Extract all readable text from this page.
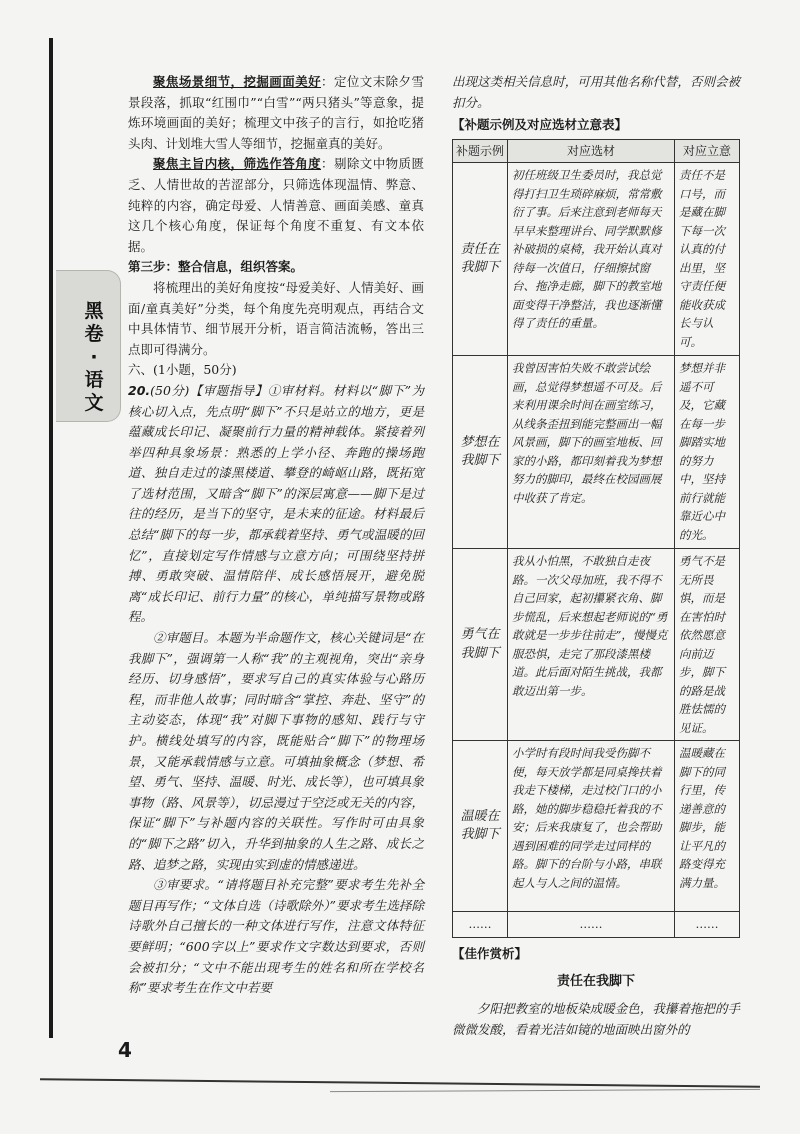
黑卷·语文

聚焦场景细节，挖掘画面美好：定位文末除夕雪景段落，抓取“红围巾”“白雪”“两只猪头”等意象，提炼环境画面的美好；梳理文中孩子的言行，如抢吃猪头肉、计划堆大雪人等细节，挖掘童真的美好。

聚焦主旨内核，筛选作答角度：剔除文中物质匮乏、人情世故的苦涩部分，只筛选体现温情、弊意、纯粹的内容，确定母爱、人情善意、画面美感、童真这几个核心角度，保证每个角度不重复、有文本依据。

第三步：整合信息，组织答案。

将梳理出的美好角度按“母爱美好、人情美好、画面/童真美好”分类，每个角度先亮明观点，再结合文中具体情节、细节展开分析，语言简洁流畅，答出三点即可得满分。

六、(1小题，50分)

20.(50分)【审题指导】①审材料。材料以“脚下”为核心切入点，先点明“脚下”不只是站立的地方，更是蕴藏成长印记、凝聚前行力量的精神载体。紧接着列举四种具象场景：熟悉的上学小径、奔跑的操场跑道、独自走过的漆黑楼道、攀登的崎岖山路，既拓宽了选材范围，又暗含“脚下”的深层寓意——脚下是过往的经历，是当下的坚守，是未来的征途。材料最后总结“脚下的每一步，都承载着坚持、勇气或温暖的回忆”，直接划定写作情感与立意方向；可围绕坚持拼搏、勇敢突破、温情陪伴、成长感悟展开，避免脱离“成长印记、前行力量”的核心，单纯描写景物或路程。

②审题目。本题为半命题作文，核心关键词是“在我脚下”，强调第一人称“我”的主观视角，突出“亲身经历、切身感悟”，要求写自己的真实体验与心路历程，而非他人故事；同时暗含“掌控、奔赴、坚守”的主动姿态，体现“我”对脚下事物的感知、践行与守护。横线处填写的内容，既能贴合“脚下”的物理场景，又能承载情感与立意。可填抽象概念（梦想、希望、勇气、坚持、温暖、时光、成长等），也可填具象事物（路、风景等），切忌漫过于空泛或无关的内容，保证“脚下”与补题内容的关联性。写作时可由具象的“脚下之路”切入，升华到抽象的人生之路、成长之路、追梦之路，实现由实到虚的情感递进。

③审要求。“请将题目补充完整”要求考生先补全题目再写作；“文体自选（诗歌除外）”要求考生选择除诗歌外自己擅长的一种文体进行写作，注意文体特征要鲜明；“600字以上”要求作文字数达到要求，否则会被扣分；“文中不能出现考生的姓名和所在学校名称”要求考生在作文中若要

出现这类相关信息时，可用其他名称代替，否则会被扣分。

【补题示例及对应选材立意表】
补题示例	对应选材	对应立意
责任在我脚下	初任班级卫生委员时，我总觉得打扫卫生琐碎麻烦，常常敷衍了事。后来注意到老师每天早早来整理讲台、同学默默修补破损的桌椅，我开始认真对待每一次值日，仔细擦拭窗台、拖净走廊，脚下的教室地面变得干净整洁，我也逐渐懂得了责任的重量。	责任不是口号，而是藏在脚下每一次认真的付出里，坚守责任便能收获成长与认可。
梦想在我脚下	我曾因害怕失败不敢尝试绘画，总觉得梦想遥不可及。后来利用课余时间在画室练习，从线条歪扭到能完整画出一幅风景画，脚下的画室地板、回家的小路，都印刻着我为梦想努力的脚印，最终在校园画展中收获了肯定。	梦想并非遥不可及，它藏在每一步脚踏实地的努力中，坚持前行就能靠近心中的光。
勇气在我脚下	我从小怕黑，不敢独自走夜路。一次父母加班，我不得不自己回家，起初攥紧衣角、脚步慌乱，后来想起老师说的“勇敢就是一步步往前走”，慢慢克服恐惧，走完了那段漆黑楼道。此后面对陌生挑战，我都敢迈出第一步。	勇气不是无所畏惧，而是在害怕时依然愿意向前迈步，脚下的路是战胜怯懦的见证。
温暖在我脚下	小学时有段时间我受伤脚不便，每天放学都是同桌搀扶着我走下楼梯，走过校门口的小路，她的脚步稳稳托着我的不安；后来我康复了，也会帮助遇到困难的同学走过同样的路。脚下的台阶与小路，串联起人与人之间的温情。	温暖藏在脚下的同行里，传递善意的脚步，能让平凡的路变得充满力量。
……	……	……
【佳作赏析】
责任在我脚下

夕阳把教室的地板染成暖金色，我攥着拖把的手微微发酸，看着光洁如镜的地面映出窗外的

4
